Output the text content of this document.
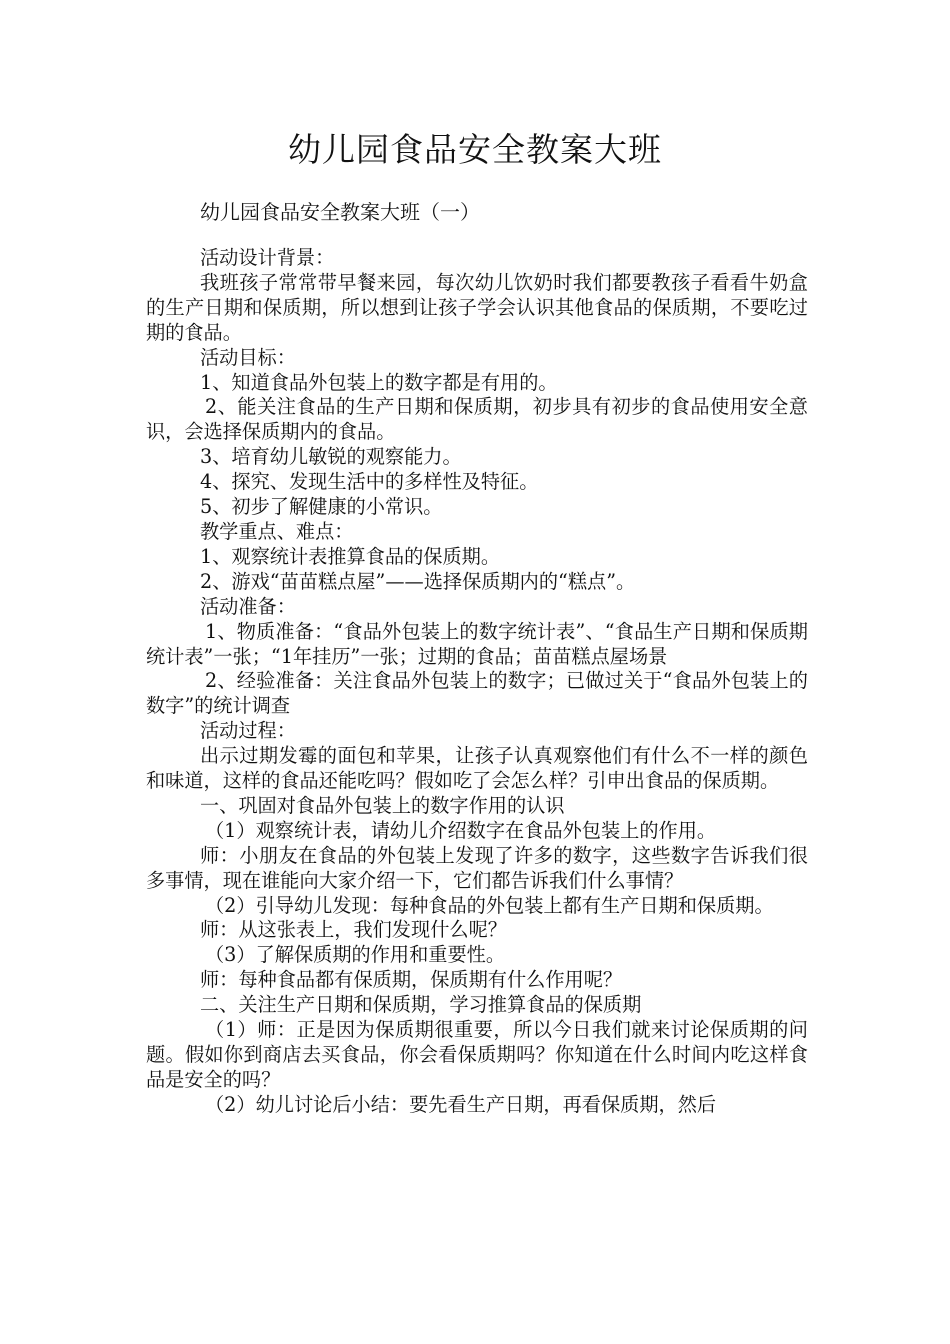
幼儿园食品安全教案大班
幼儿园食品安全教案大班（一）

活动设计背景：

我班孩子常常带早餐来园，每次幼儿饮奶时我们都要教孩子看看牛奶盒的生产日期和保质期，所以想到让孩子学会认识其他食品的保质期，不要吃过期的食品。

活动目标：

1、知道食品外包装上的数字都是有用的。

2、能关注食品的生产日期和保质期，初步具有初步的食品使用安全意识，会选择保质期内的食品。

3、培育幼儿敏锐的观察能力。

4、探究、发现生活中的多样性及特征。

5、初步了解健康的小常识。

教学重点、难点：

1、观察统计表推算食品的保质期。

2、游戏“苗苗糕点屋”——选择保质期内的“糕点”。

活动准备：

1、物质准备：“食品外包装上的数字统计表”、“食品生产日期和保质期统计表”一张；“1年挂历”一张；过期的食品；苗苗糕点屋场景

2、经验准备：关注食品外包装上的数字；已做过关于“食品外包装上的数字”的统计调查

活动过程：

出示过期发霉的面包和苹果，让孩子认真观察他们有什么不一样的颜色和味道，这样的食品还能吃吗？假如吃了会怎么样？引申出食品的保质期。

一、巩固对食品外包装上的数字作用的认识

（1）观察统计表，请幼儿介绍数字在食品外包装上的作用。

师：小朋友在食品的外包装上发现了许多的数字，这些数字告诉我们很多事情，现在谁能向大家介绍一下，它们都告诉我们什么事情？

（2）引导幼儿发现：每种食品的外包装上都有生产日期和保质期。

师：从这张表上，我们发现什么呢？

（3）了解保质期的作用和重要性。

师：每种食品都有保质期，保质期有什么作用呢？

二、关注生产日期和保质期，学习推算食品的保质期

（1）师：正是因为保质期很重要，所以今日我们就来讨论保质期的问题。假如你到商店去买食品，你会看保质期吗？你知道在什么时间内吃这样食品是安全的吗？

（2）幼儿讨论后小结：要先看生产日期，再看保质期，然后
